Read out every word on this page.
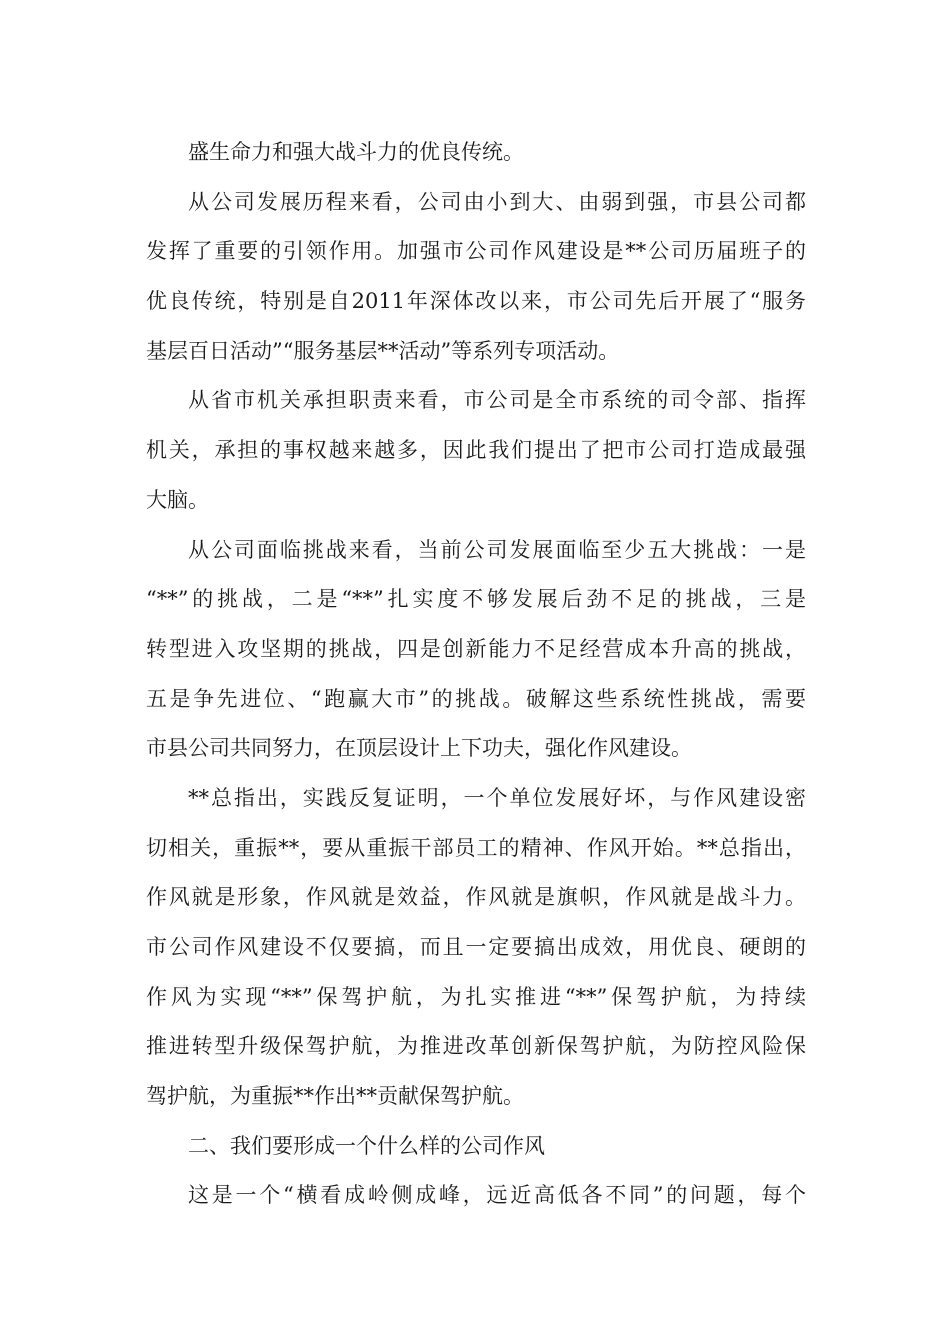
盛生命力和强大战斗力的优良传统。
从公司发展历程来看，公司由小到大、由弱到强，市县公司都
发挥了重要的引领作用。加强市公司作风建设是**公司历届班子的
优良传统，特别是自2011年深体改以来，市公司先后开展了“服务
基层百日活动”“服务基层**活动”等系列专项活动。
从省市机关承担职责来看，市公司是全市系统的司令部、指挥
机关，承担的事权越来越多，因此我们提出了把市公司打造成最强
大脑。
从公司面临挑战来看，当前公司发展面临至少五大挑战：一是
“**”的挑战，二是“**”扎实度不够发展后劲不足的挑战，三是
转型进入攻坚期的挑战，四是创新能力不足经营成本升高的挑战，
五是争先进位、“跑赢大市”的挑战。破解这些系统性挑战，需要
市县公司共同努力，在顶层设计上下功夫，强化作风建设。
**总指出，实践反复证明，一个单位发展好坏，与作风建设密
切相关，重振**，要从重振干部员工的精神、作风开始。**总指出，
作风就是形象，作风就是效益，作风就是旗帜，作风就是战斗力。
市公司作风建设不仅要搞，而且一定要搞出成效，用优良、硬朗的
作风为实现“**”保驾护航，为扎实推进“**”保驾护航，为持续
推进转型升级保驾护航，为推进改革创新保驾护航，为防控风险保
驾护航，为重振**作出**贡献保驾护航。
二、我们要形成一个什么样的公司作风
这是一个“横看成岭侧成峰，远近高低各不同”的问题，每个
